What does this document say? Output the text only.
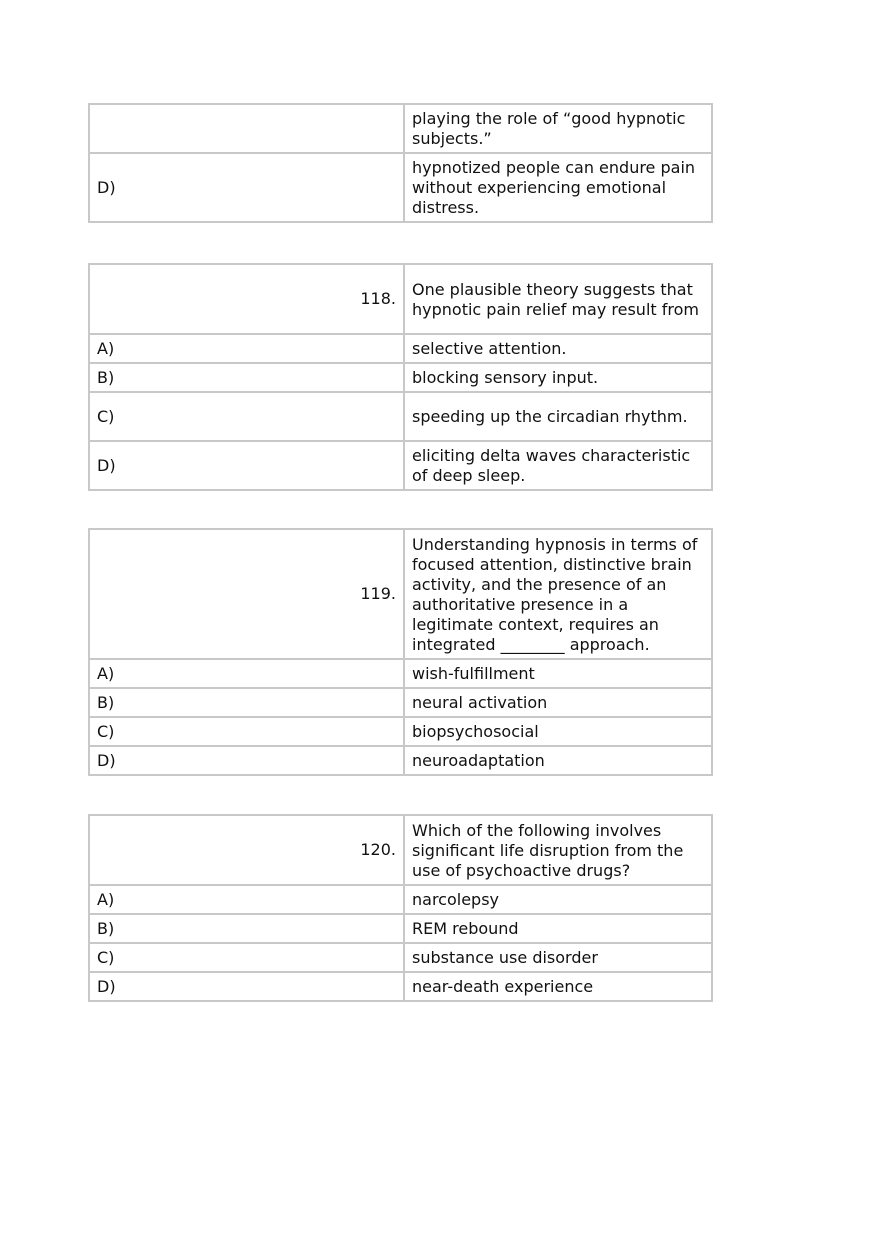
	playing the role of “good hypnotic subjects.”
D)	hypnotized people can endure pain without experiencing emotional distress.
118.	One plausible theory suggests that hypnotic pain relief may result from
A)	selective attention.
B)	blocking sensory input.
C)	speeding up the circadian rhythm.
D)	eliciting delta waves characteristic of deep sleep.
119.	Understanding hypnosis in terms of focused attention, distinctive brain activity, and the presence of an authoritative presence in a legitimate context, requires an integrated ________ approach.
A)	wish-fulfillment
B)	neural activation
C)	biopsychosocial
D)	neuroadaptation
120.	Which of the following involves significant life disruption from the use of psychoactive drugs?
A)	narcolepsy
B)	REM rebound
C)	substance use disorder
D)	near-death experience
